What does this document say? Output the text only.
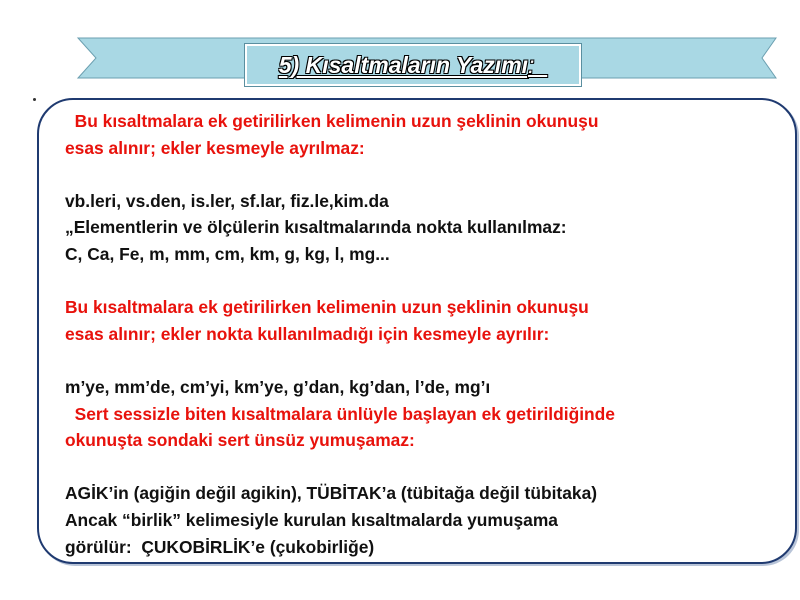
5) Kısaltmaların Yazımı :
Bu kısaltmalara ek getirilirken kelimenin uzun şeklinin okunuşu
esas alınır; ekler kesmeyle ayrılmaz:
vb.leri, vs.den, is.ler, sf.lar, fiz.le,kim.da
„Elementlerin ve ölçülerin kısaltmalarında nokta kullanılmaz:
C, Ca, Fe, m, mm, cm, km, g, kg, l, mg...
Bu kısaltmalara ek getirilirken kelimenin uzun şeklinin okunuşu
esas alınır; ekler nokta kullanılmadığı için kesmeyle ayrılır:
m’ye, mm’de, cm’yi, km’ye, g’dan, kg’dan, l’de, mg’ı
Sert sessizle biten kısaltmalara ünlüyle başlayan ek getirildiğinde
okunuşta sondaki sert ünsüz yumuşamaz:
AGİK’in (agiğin değil agikin), TÜBİTAK’a (tübitağa değil tübitaka)
Ancak “birlik” kelimesiyle kurulan kısaltmalarda yumuşama
görülür:  ÇUKOBİRLİK’e (çukobirliğe)
